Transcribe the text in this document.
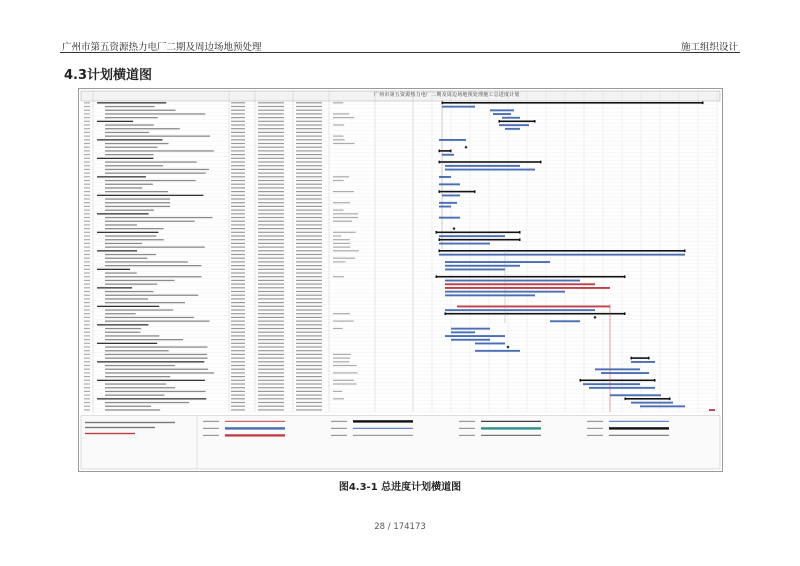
广州市第五资源热力电厂二期及周边场地预处理	施工组织设计
4.3计划横道图
广州市第五资源热力电厂二期及周边场地预处理施工总进度计划
图4.3-1 总进度计划横道图
28 / 174173
